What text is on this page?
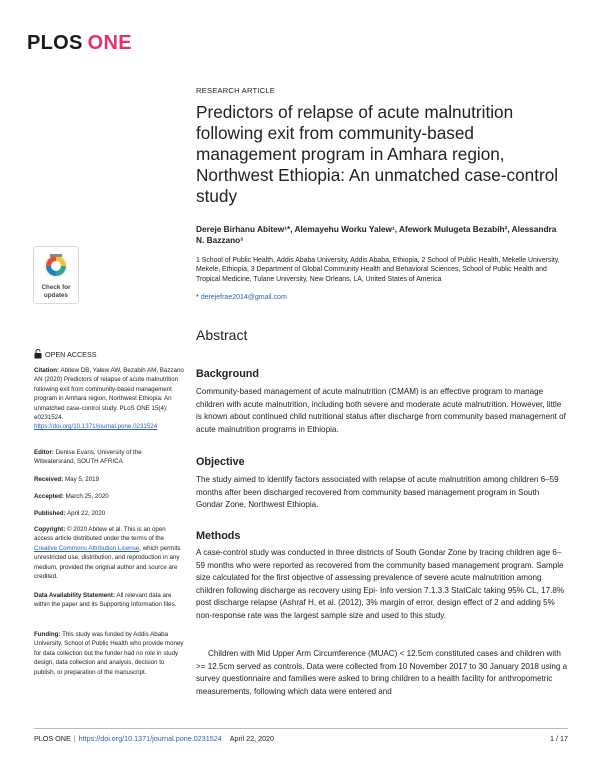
PLOS ONE
RESEARCH ARTICLE
Predictors of relapse of acute malnutrition following exit from community-based management program in Amhara region, Northwest Ethiopia: An unmatched case-control study
Dereje Birhanu Abitew¹*, Alemayehu Worku Yalew¹, Afework Mulugeta Bezabih², Alessandra N. Bazzano³
1 School of Public Health, Addis Ababa University, Addis Ababa, Ethiopia, 2 School of Public Health, Mekelle University, Mekele, Ethiopia, 3 Department of Global Community Health and Behavioral Sciences, School of Public Health and Tropical Medicine, Tulane University, New Orleans, LA, United States of America
* derejefrae2014@gmail.com
Check for
updates
OPEN ACCESS
Citation: Abitew DB, Yalew AW, Bezabih AM, Bazzano AN (2020) Predictors of relapse of acute malnutrition following exit from community-based management program in Amhara region, Northwest Ethiopia: An unmatched case-control study. PLoS ONE 15(4): e0231524. https://doi.org/10.1371/journal.pone.0231524
Editor: Denise Evans, University of the Witwatersrand, SOUTH AFRICA
Received: May 5, 2019
Accepted: March 25, 2020
Published: April 22, 2020
Copyright: © 2020 Abitew et al. This is an open access article distributed under the terms of the Creative Commons Attribution License, which permits unrestricted use, distribution, and reproduction in any medium, provided the original author and source are credited.
Data Availability Statement: All relevant data are within the paper and its Supporting Information files.
Funding: This study was funded by Addis Ababa University, School of Public Health who provide money for data collection but the funder had no role in study design, data collection and analysis, decision to publish, or preparation of the manuscript.
Abstract
Background
Community-based management of acute malnutrition (CMAM) is an effective program to manage children with acute malnutrition, including both severe and moderate acute malnutrition. However, little is known about continued child nutritional status after discharge from community based management of acute malnutrition programs in Ethiopia.
Objective
The study aimed to identify factors associated with relapse of acute malnutrition among children 6–59 months after been discharged recovered from community based management program in South Gondar Zone, Northwest Ethiopia.
Methods
A case-control study was conducted in three districts of South Gondar Zone by tracing children age 6–59 months who were reported as recovered from the community based management program. Sample size calculated for the first objective of assessing prevalence of severe acute malnutrition among children following discharge as recovery using Epi- Info version 7.1.3.3 StatCalc taking 95% CL, 17.8% post discharge relapse (Ashraf H, et al. (2012), 3% margin of error, design effect of 2 and adding 5% non-response rate was the largest sample size and used to this study.
Children with Mid Upper Arm Circumference (MUAC) < 12.5cm constituted cases and children with >= 12.5cm served as controls. Data were collected from 10 November 2017 to 30 January 2018 using a survey questionnaire and families were asked to bring children to a health facility for anthropometric measurements, following which data were entered and
PLOS ONE | https://doi.org/10.1371/journal.pone.0231524 April 22, 2020	1 / 17
